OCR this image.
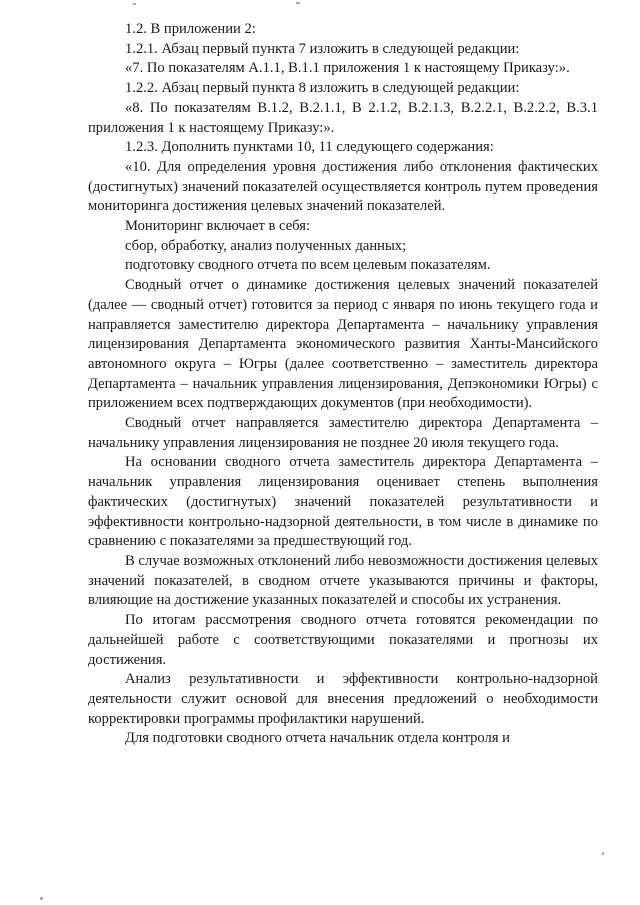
1.2. В приложении 2:

1.2.1. Абзац первый пункта 7 изложить в следующей редакции:

«7. По показателям А.1.1, В.1.1 приложения 1 к настоящему Приказу:».

1.2.2. Абзац первый пункта 8 изложить в следующей редакции:

«8. По показателям В.1.2, В.2.1.1, В 2.1.2, В.2.1.3, В.2.2.1, В.2.2.2, В.3.1 приложения 1 к настоящему Приказу:».

1.2.3. Дополнить пунктами 10, 11 следующего содержания:

«10. Для определения уровня достижения либо отклонения фактических (достигнутых) значений показателей осуществляется контроль путем проведения мониторинга достижения целевых значений показателей.

Мониторинг включает в себя:

сбор, обработку, анализ полученных данных;

подготовку сводного отчета по всем целевым показателям.

Сводный отчет о динамике достижения целевых значений показателей (далее — сводный отчет) готовится за период с января по июнь текущего года и направляется заместителю директора Департамента – начальнику управления лицензирования Департамента экономического развития Ханты-Мансийского автономного округа – Югры (далее соответственно – заместитель директора Департамента – начальник управления лицензирования, Депэкономики Югры) с приложением всех подтверждающих документов (при необходимости).

Сводный отчет направляется заместителю директора Департамента – начальнику управления лицензирования не позднее 20 июля текущего года.

На основании сводного отчета заместитель директора Департамента – начальник управления лицензирования оценивает степень выполнения фактических (достигнутых) значений показателей результативности и эффективности контрольно-надзорной деятельности, в том числе в динамике по сравнению с показателями за предшествующий год.

В случае возможных отклонений либо невозможности достижения целевых значений показателей, в сводном отчете указываются причины и факторы, влияющие на достижение указанных показателей и способы их устранения.

По итогам рассмотрения сводного отчета готовятся рекомендации по дальнейшей работе с соответствующими показателями и прогнозы их достижения.

Анализ результативности и эффективности контрольно-надзорной деятельности служит основой для внесения предложений о необходимости корректировки программы профилактики нарушений.

Для подготовки сводного отчета начальник отдела контроля и
